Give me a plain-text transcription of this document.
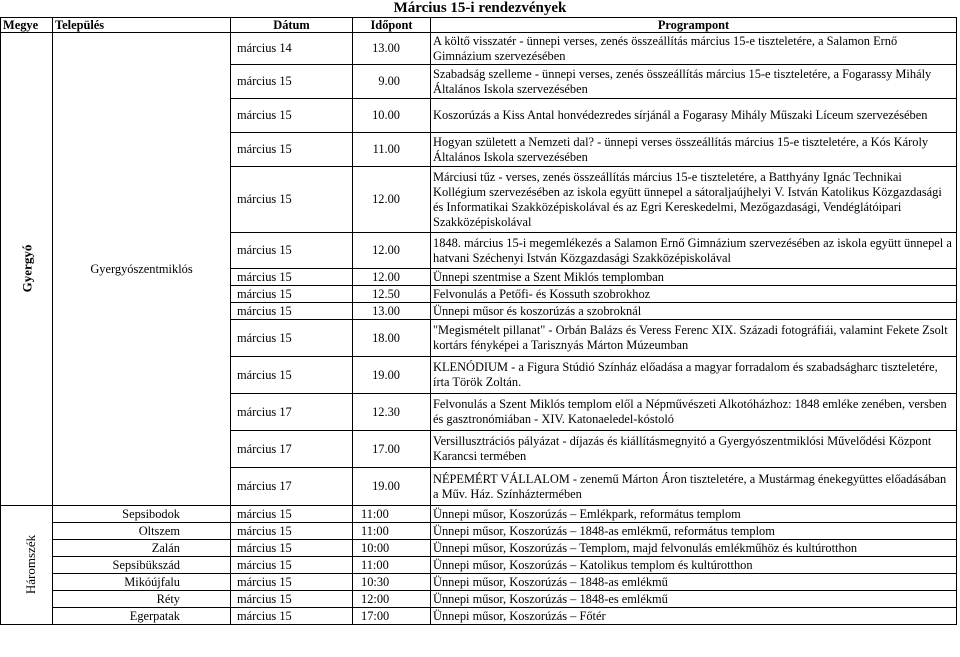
Március 15-i rendezvények
Megye	Település	Dátum	Időpont	Programpont
Gyergyó	Gyergyószentmiklós	március 14	13.00	A költő visszatér - ünnepi verses, zenés összeállítás március 15-e tiszteletére, a Salamon Ernő Gimnázium szervezésében
		március 15	9.00	Szabadság szelleme - ünnepi verses, zenés összeállítás március 15-e tiszteletére, a Fogarassy Mihály Általános Iskola szervezésében
		március 15	10.00	Koszorúzás a Kiss Antal honvédezredes sírjánál a Fogarasy Mihály Műszaki Líceum szervezésében
		március 15	11.00	Hogyan született a Nemzeti dal? - ünnepi verses összeállítás március 15-e tiszteletére, a Kós Károly Általános Iskola szervezésében
		március 15	12.00	Márciusi tűz - verses, zenés összeállítás március 15-e tiszteletére, a Batthyány Ignác Technikai Kollégium szervezésében az iskola együtt ünnepel a sátoraljaújhelyi V. István Katolikus Közgazdasági és Informatikai Szakközépiskolával és az Egri Kereskedelmi, Mezőgazdasági, Vendéglátóipari Szakközépiskolával
		március 15	12.00	1848. március 15-i megemlékezés a Salamon Ernő Gimnázium szervezésében az iskola együtt ünnepel a hatvani Széchenyi István Közgazdasági Szakközépiskolával
		március 15	12.00	Ünnepi szentmise a Szent Miklós templomban
		március 15	12.50	Felvonulás a Petőfi- és Kossuth szobrokhoz
		március 15	13.00	Ünnepi műsor és koszorúzás a szobroknál
		március 15	18.00	"Megismételt pillanat" - Orbán Balázs és Veress Ferenc XIX. Századi fotográfiái, valamint Fekete Zsolt kortárs fényképei a Tarisznyás Márton Múzeumban
		március 15	19.00	KLENÓDIUM - a Figura Stúdió Színház előadása a magyar forradalom és szabadságharc tiszteletére, írta Török Zoltán.
		március 17	12.30	Felvonulás a Szent Miklós templom elől a Népművészeti Alkotóházhoz: 1848 emléke zenében, versben és gasztronómiában - XIV. Katonaeledel-kóstoló
		március 17	17.00	Versillusztrációs pályázat - díjazás és kiállításmegnyitó a Gyergyószentmiklósi Művelődési Központ Karancsi termében
		március 17	19.00	NÉPEMÉRT VÁLLALOM - zenemű Márton Áron tiszteletére, a Mustármag énekegyüttes előadásában a Műv. Ház. Színháztermében
Háromszék	Sepsibodok	március 15	11:00	Ünnepi műsor, Koszorúzás – Emlékpark, református templom
	Oltszem	március 15	11:00	Ünnepi műsor, Koszorúzás – 1848-as emlékmű, református templom
	Zalán	március 15	10:00	Ünnepi műsor, Koszorúzás – Templom, majd felvonulás emlékműhöz és kultúrotthon
	Sepsibükszád	március 15	11:00	Ünnepi műsor, Koszorúzás – Katolikus templom és kultúrotthon
	Mikóújfalu	március 15	10:30	Ünnepi műsor, Koszorúzás – 1848-as emlékmű
	Réty	március 15	12:00	Ünnepi műsor, Koszorúzás – 1848-es emlékmű
	Egerpatak	március 15	17:00	Ünnepi műsor, Koszorúzás – Főtér
